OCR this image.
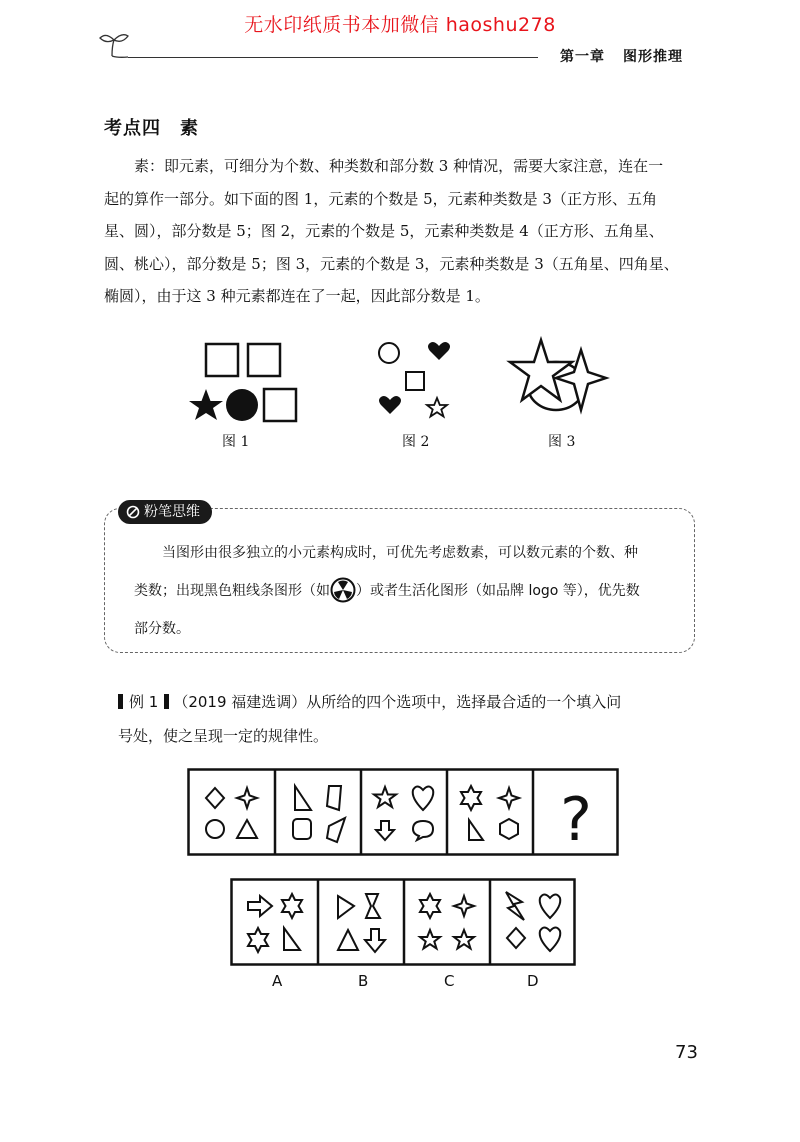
无水印纸质书本加微信 haoshu278
第一章 图形推理
考点四　素
素：即元素，可细分为个数、种类数和部分数 3 种情况，需要大家注意，连在一
起的算作一部分。如下面的图 1，元素的个数是 5，元素种类数是 3（正方形、五角
星、圆），部分数是 5；图 2，元素的个数是 5，元素种类数是 4（正方形、五角星、
圆、桃心），部分数是 5；图 3，元素的个数是 3，元素种类数是 3（五角星、四角星、
椭圆），由于这 3 种元素都连在了一起，因此部分数是 1。
图 1	图 2	图 3
粉笔思维
当图形由很多独立的小元素构成时，可优先考虑数素，可以数元素的个数、种
类数；出现黑色粗线条图形（如 ）或者生活化图形（如品牌 logo 等），优先数
部分数。
例 1 （2019 福建选调）从所给的四个选项中，选择最合适的一个填入问
号处，使之呈现一定的规律性。
?
A	B	C	D
73
